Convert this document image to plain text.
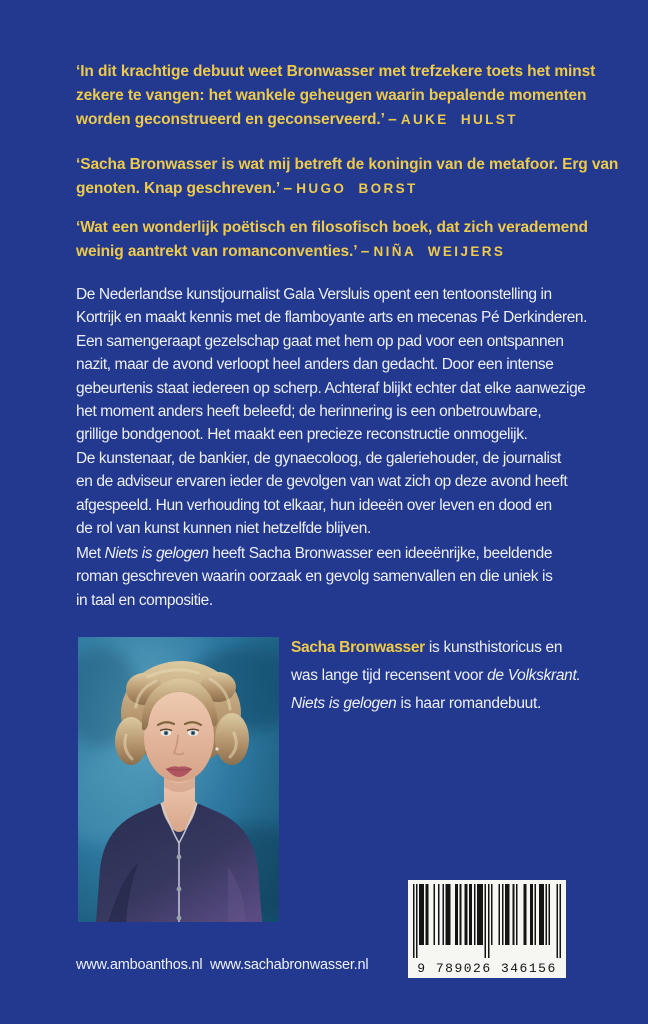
‘In dit krachtige debuut weet Bronwasser met trefzekere toets het minst
zekere te vangen: het wankele geheugen waarin bepalende momenten
worden geconstrueerd en geconserveerd.’ – AUKE HULST
‘Sacha Bronwasser is wat mij betreft de koningin van de metafoor. Erg van
genoten. Knap geschreven.’ – HUGO BORST
‘Wat een wonderlijk poëtisch en filosofisch boek, dat zich verademend
weinig aantrekt van romanconventies.’ – NIÑA WEIJERS
De Nederlandse kunstjournalist Gala Versluis opent een tentoonstelling in
Kortrijk en maakt kennis met de flamboyante arts en mecenas Pé Derkinderen.
Een samengeraapt gezelschap gaat met hem op pad voor een ontspannen
nazit, maar de avond verloopt heel anders dan gedacht. Door een intense
gebeurtenis staat iedereen op scherp. Achteraf blijkt echter dat elke aanwezige
het moment anders heeft beleefd; de herinnering is een onbetrouwbare,
grillige bondgenoot. Het maakt een precieze reconstructie onmogelijk.
De kunstenaar, de bankier, de gynaecoloog, de galeriehouder, de journalist
en de adviseur ervaren ieder de gevolgen van wat zich op deze avond heeft
afgespeeld. Hun verhouding tot elkaar, hun ideeën over leven en dood en
de rol van kunst kunnen niet hetzelfde blijven.
Met Niets is gelogen heeft Sacha Bronwasser een ideeënrijke, beeldende
roman geschreven waarin oorzaak en gevolg samenvallen en die uniek is
in taal en compositie.
Sacha Bronwasser is kunsthistoricus en
was lange tijd recensent voor de Volkskrant.
Niets is gelogen is haar romandebuut.
www.amboanthos.nl www.sachabronwasser.nl	9 789026 346156
